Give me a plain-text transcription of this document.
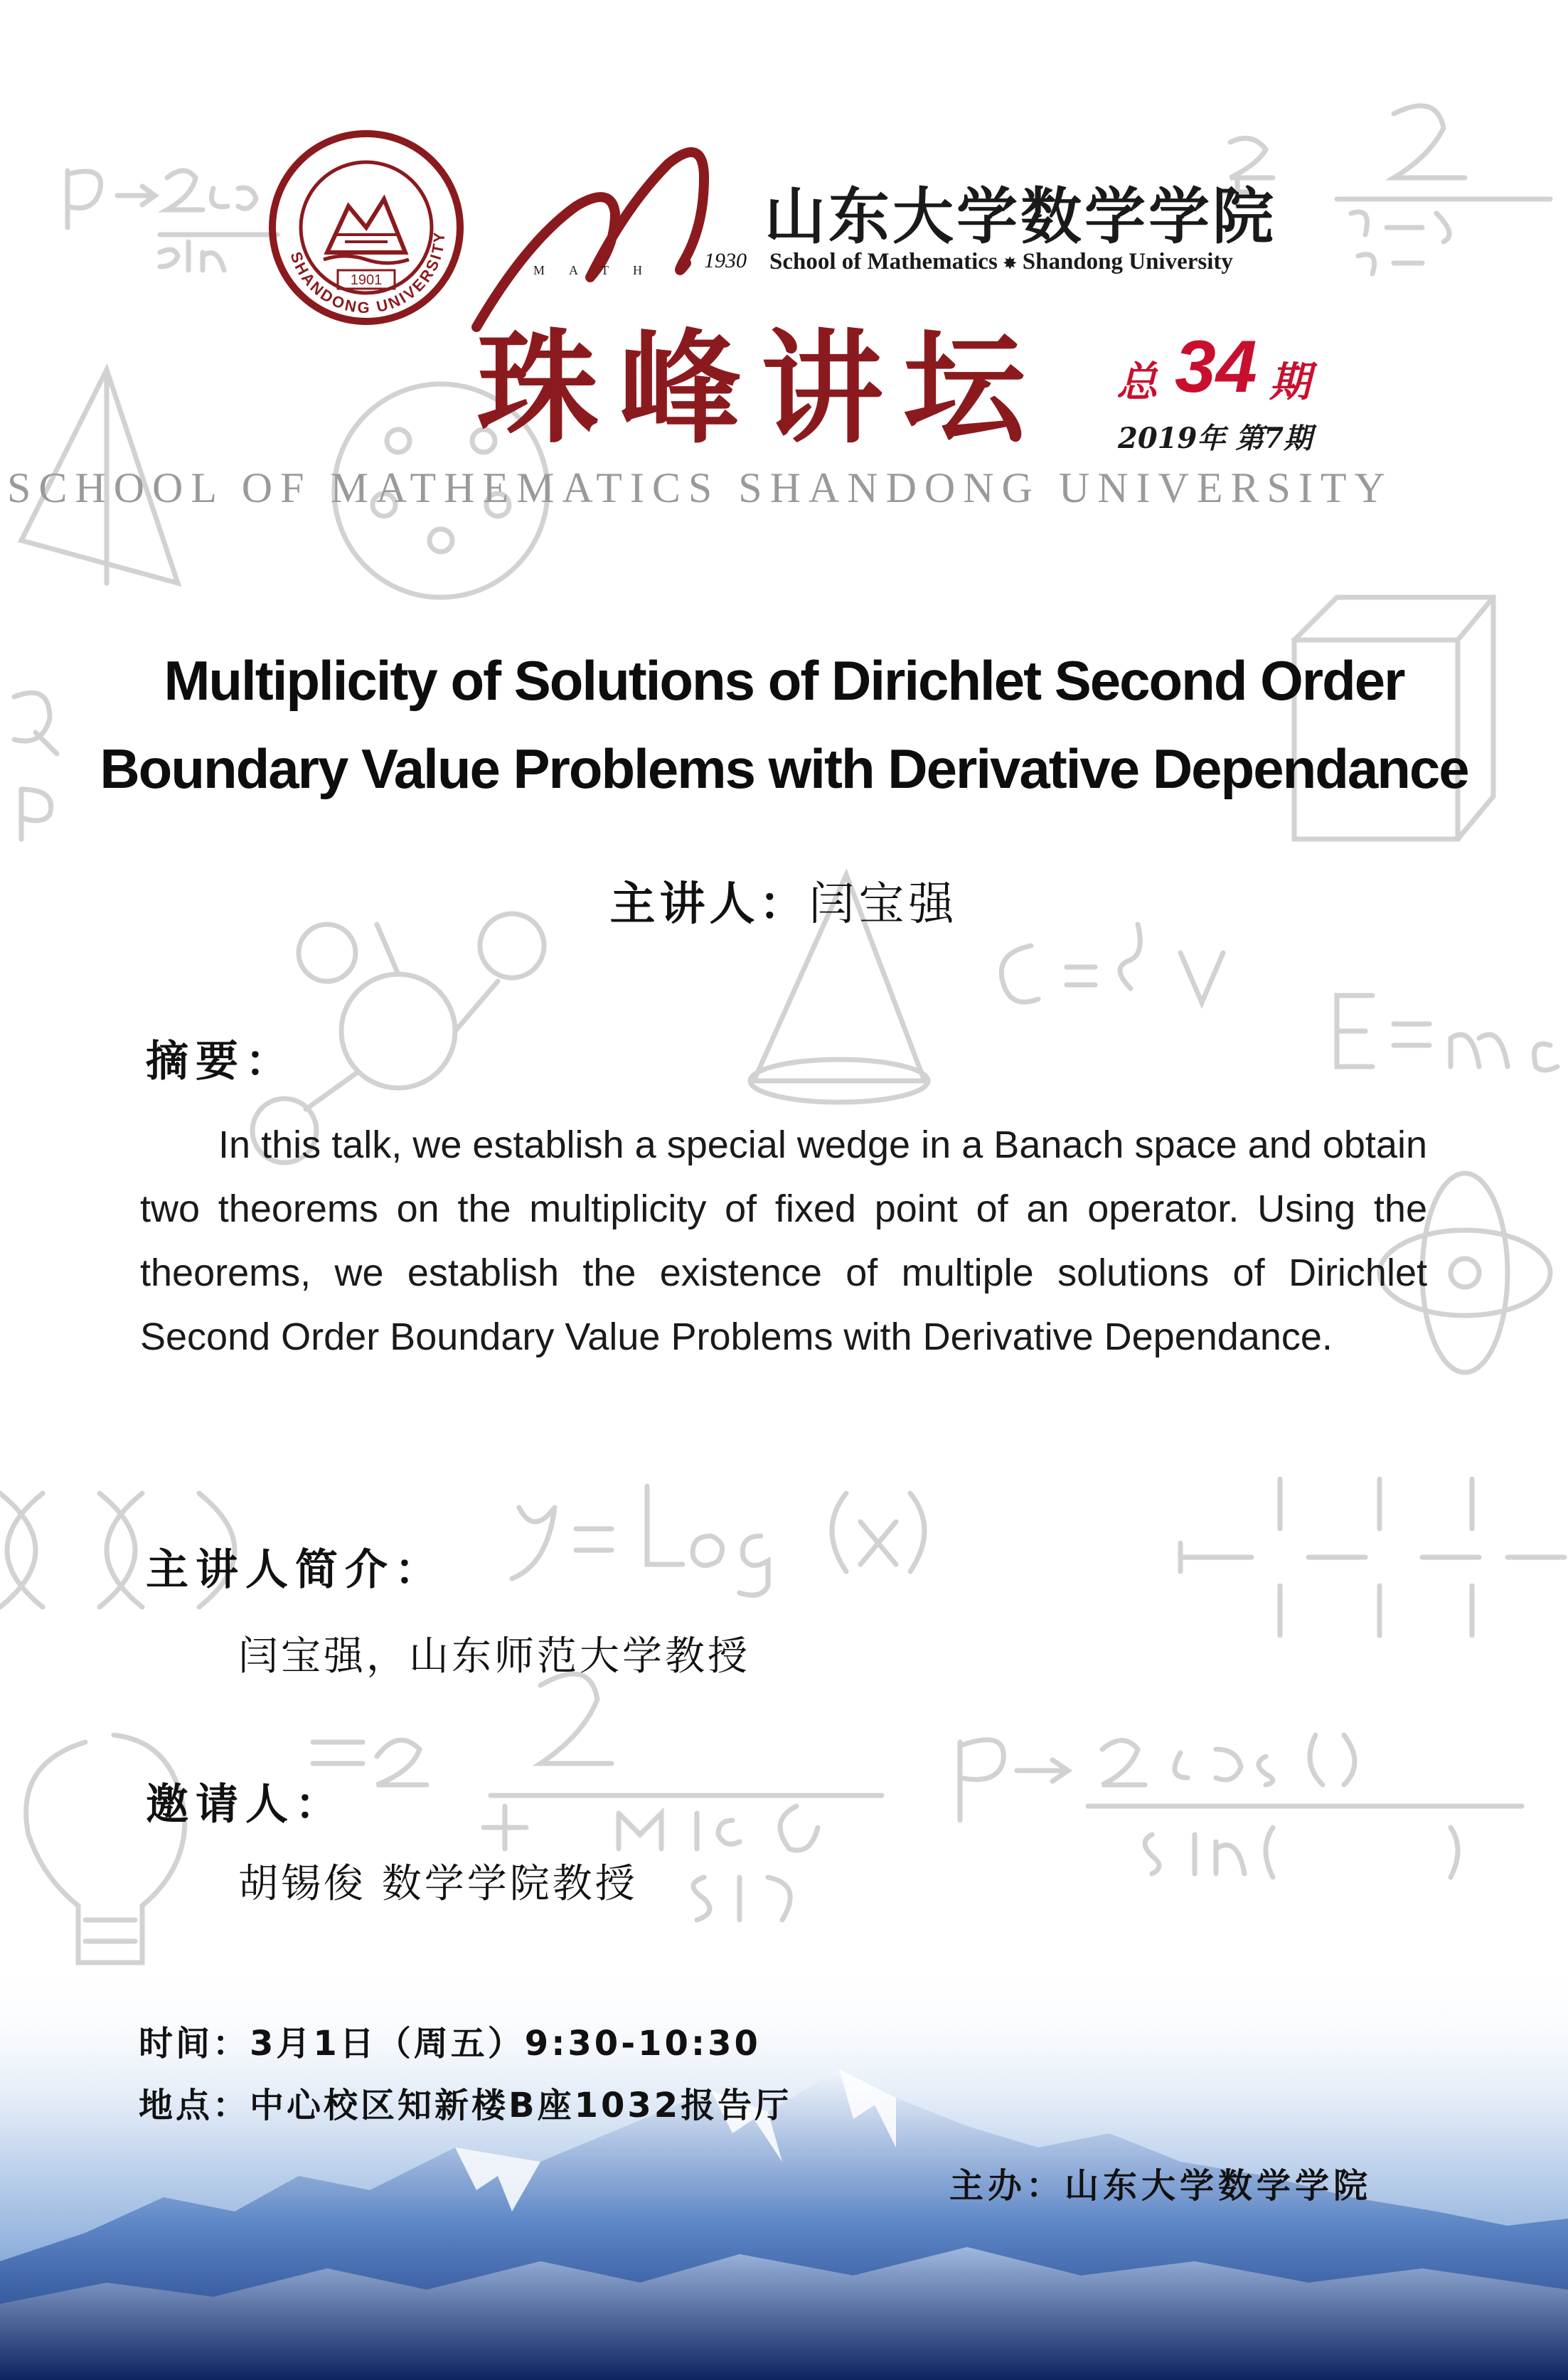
1901
SHANDONG UNIVERSITY
MATH 1930
山东大学数学学院
School of Mathematics ✸ Shandong University
珠峰讲坛 总 34 期
2019年 第7期
SCHOOL OF MATHEMATICS SHANDONG UNIVERSITY
Multiplicity of Solutions of Dirichlet Second Order
Boundary Value Problems with Derivative Dependance
主讲人：闫宝强
摘要：
In this talk, we establish a special wedge in a Banach space and obtain two theorems on the multiplicity of fixed point of an operator. Using the theorems, we establish the existence of multiple solutions of Dirichlet Second Order Boundary Value Problems with Derivative Dependance.
主讲人简介：
闫宝强，山东师范大学教授
邀请人：
胡锡俊 数学学院教授
时间：3月1日（周五）9:30-10:30
地点：中心校区知新楼B座1032报告厅
主办：山东大学数学学院
